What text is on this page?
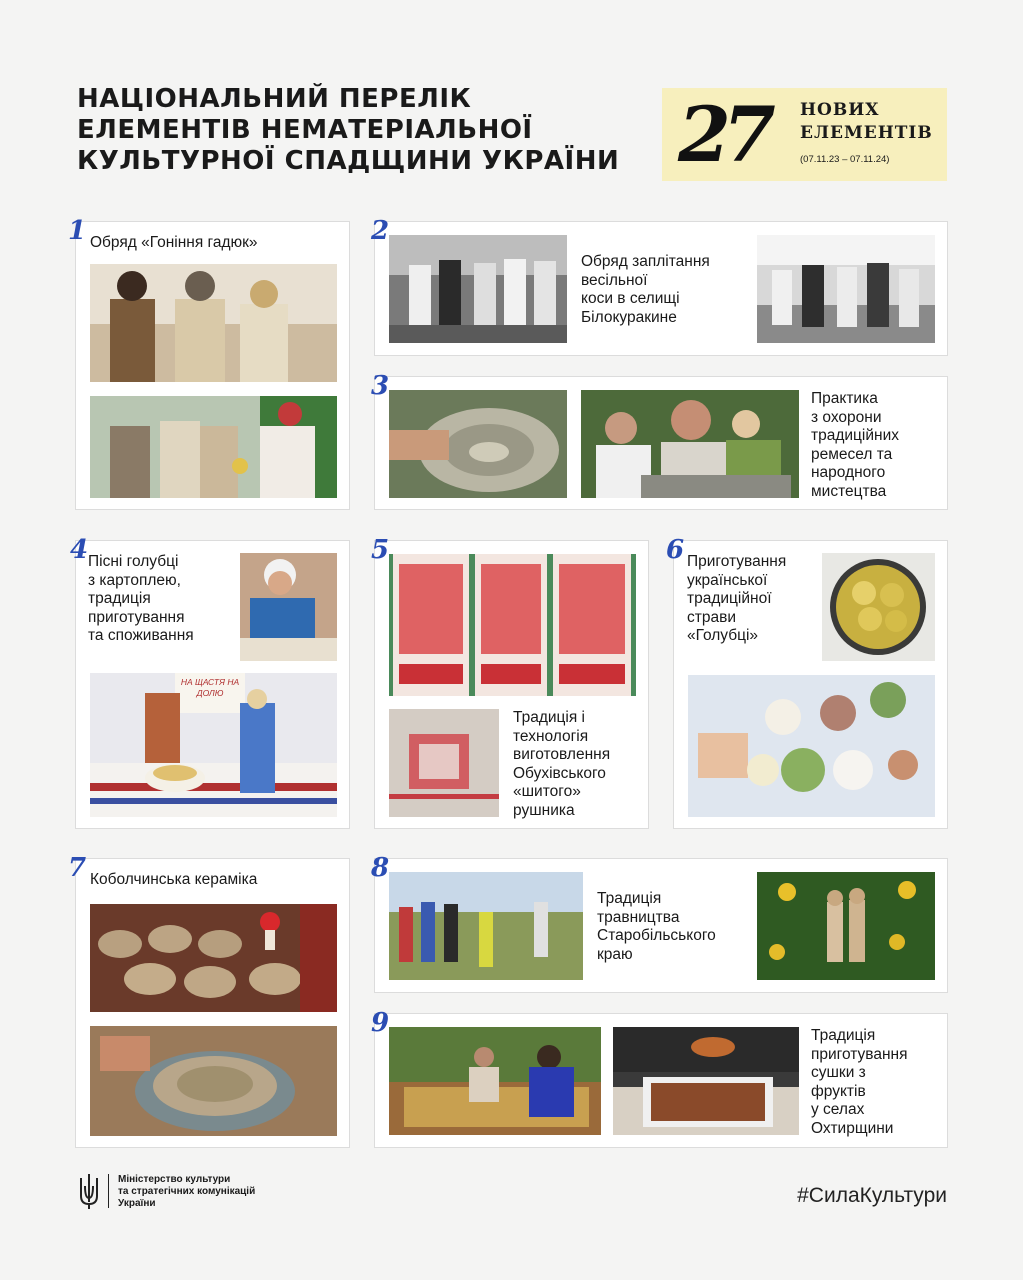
НАЦІОНАЛЬНИЙ ПЕРЕЛІК
ЕЛЕМЕНТІВ НЕМАТЕРІАЛЬНОЇ
КУЛЬТУРНОЇ СПАДЩИНИ УКРАЇНИ 27 НОВИХ
ЕЛЕМЕНТІВ
(07.11.23 – 07.11.24)
1 Обряд «Гоніння гадюк»	2
Обряд заплітання
весільної
коси в селищі
Білокуракине
3	Практика
з охорони
традиційних
ремесел та
народного
мистецтва
4 Пісні голубці
з картоплею,
традиція
приготування
та споживання
НА ЩАСТЯ НА ДОЛЮ
5
Традиція і
технологія
виготовлення
Обухівського
«шитого»
рушника
6 Приготування
української
традиційної
страви
«Голубці»
7 Коболчинська кераміка	8
Традиція
травництва
Старобільського
краю
9	Традиція
приготування
сушки з
фруктів
у селах
Охтирщини
Міністерство культури
та стратегічних комунікацій
України	#СилаКультури
